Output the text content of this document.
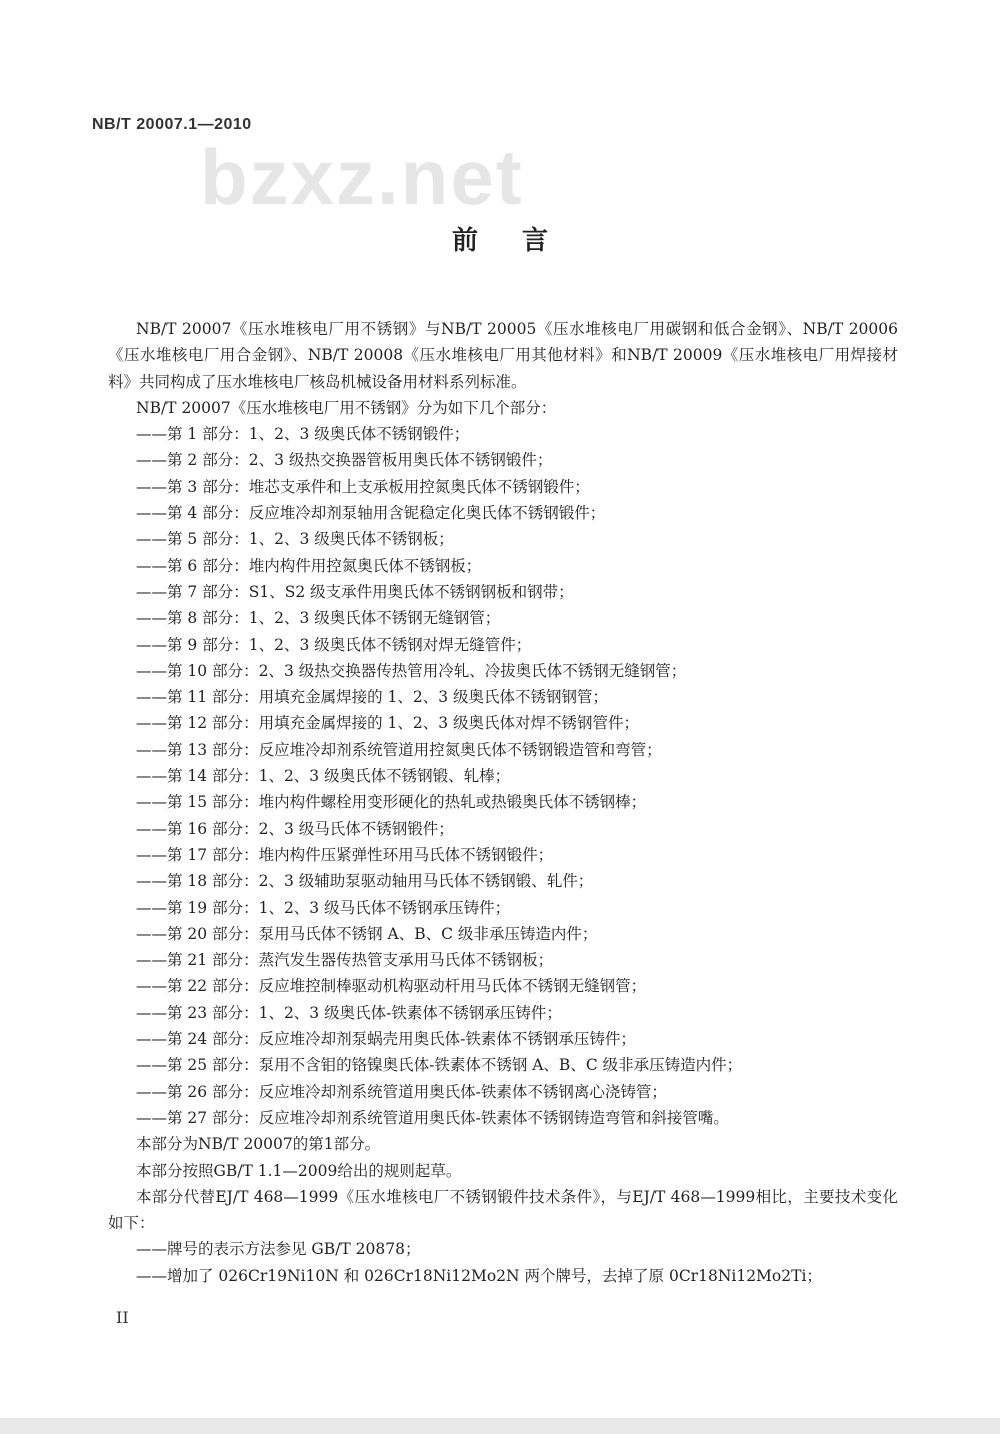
NB/T 20007.1—2010
bzxz.net
前言

NB/T 20007《压水堆核电厂用不锈钢》与NB/T 20005《压水堆核电厂用碳钢和低合金钢》、NB/T 20006《压水堆核电厂用合金钢》、NB/T 20008《压水堆核电厂用其他材料》和NB/T 20009《压水堆核电厂用焊接材料》共同构成了压水堆核电厂核岛机械设备用材料系列标准。

NB/T 20007《压水堆核电厂用不锈钢》分为如下几个部分：

——第 1 部分：1、2、3 级奥氏体不锈钢锻件；
——第 2 部分：2、3 级热交换器管板用奥氏体不锈钢锻件；
——第 3 部分：堆芯支承件和上支承板用控氮奥氏体不锈钢锻件；
——第 4 部分：反应堆冷却剂泵轴用含铌稳定化奥氏体不锈钢锻件；
——第 5 部分：1、2、3 级奥氏体不锈钢板；
——第 6 部分：堆内构件用控氮奥氏体不锈钢板；
——第 7 部分：S1、S2 级支承件用奥氏体不锈钢钢板和钢带；
——第 8 部分：1、2、3 级奥氏体不锈钢无缝钢管；
——第 9 部分：1、2、3 级奥氏体不锈钢对焊无缝管件；
——第 10 部分：2、3 级热交换器传热管用冷轧、冷拔奥氏体不锈钢无缝钢管；
——第 11 部分：用填充金属焊接的 1、2、3 级奥氏体不锈钢钢管；
——第 12 部分：用填充金属焊接的 1、2、3 级奥氏体对焊不锈钢管件；
——第 13 部分：反应堆冷却剂系统管道用控氮奥氏体不锈钢锻造管和弯管；
——第 14 部分：1、2、3 级奥氏体不锈钢锻、轧棒；
——第 15 部分：堆内构件螺栓用变形硬化的热轧或热锻奥氏体不锈钢棒；
——第 16 部分：2、3 级马氏体不锈钢锻件；
——第 17 部分：堆内构件压紧弹性环用马氏体不锈钢锻件；
——第 18 部分：2、3 级辅助泵驱动轴用马氏体不锈钢锻、轧件；
——第 19 部分：1、2、3 级马氏体不锈钢承压铸件；
——第 20 部分：泵用马氏体不锈钢 A、B、C 级非承压铸造内件；
——第 21 部分：蒸汽发生器传热管支承用马氏体不锈钢板；
——第 22 部分：反应堆控制棒驱动机构驱动杆用马氏体不锈钢无缝钢管；
——第 23 部分：1、2、3 级奥氏体-铁素体不锈钢承压铸件；
——第 24 部分：反应堆冷却剂泵蜗壳用奥氏体-铁素体不锈钢承压铸件；
——第 25 部分：泵用不含钼的铬镍奥氏体-铁素体不锈钢 A、B、C 级非承压铸造内件；
——第 26 部分：反应堆冷却剂系统管道用奥氏体-铁素体不锈钢离心浇铸管；
——第 27 部分：反应堆冷却剂系统管道用奥氏体-铁素体不锈钢铸造弯管和斜接管嘴。

本部分为NB/T 20007的第1部分。

本部分按照GB/T 1.1—2009给出的规则起草。

本部分代替EJ/T 468—1999《压水堆核电厂不锈钢锻件技术条件》，与EJ/T 468—1999相比，主要技术变化如下：

——牌号的表示方法参见 GB/T 20878；
——增加了 026Cr19Ni10N 和 026Cr18Ni12Mo2N 两个牌号，去掉了原 0Cr18Ni12Mo2Ti；
II
